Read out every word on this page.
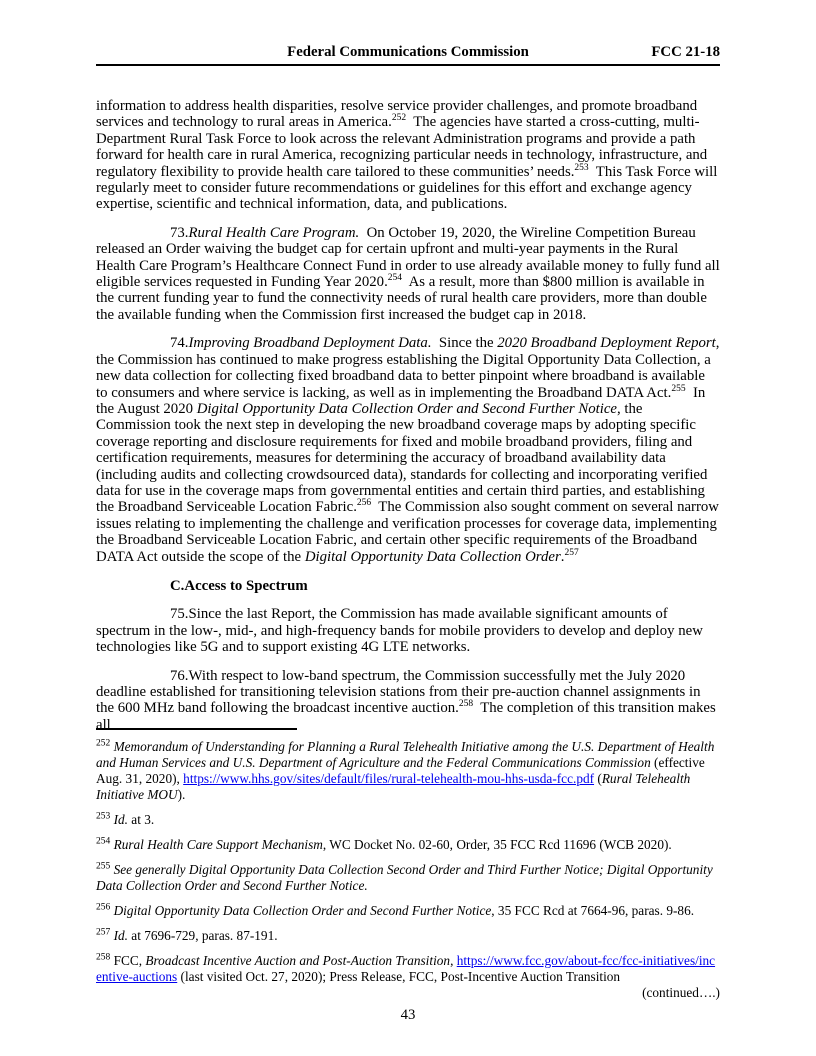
Federal Communications Commission	FCC 21-18

information to address health disparities, resolve service provider challenges, and promote broadband services and technology to rural areas in America.$^{252}$  The agencies have started a cross-cutting, multi-Department Rural Task Force to look across the relevant Administration programs and provide a path forward for health care in rural America, recognizing particular needs in technology, infrastructure, and regulatory flexibility to provide health care tailored to these communities’ needs.$^{253}$  This Task Force will regularly meet to consider future recommendations or guidelines for this effort and exchange agency expertise, scientific and technical information, data, and publications.

73.Rural Health Care Program.  On October 19, 2020, the Wireline Competition Bureau released an Order waiving the budget cap for certain upfront and multi-year payments in the Rural Health Care Program’s Healthcare Connect Fund in order to use already available money to fully fund all eligible services requested in Funding Year 2020.$^{254}$  As a result, more than $800 million is available in the current funding year to fund the connectivity needs of rural health care providers, more than double the available funding when the Commission first increased the budget cap in 2018.

74.Improving Broadband Deployment Data.  Since the 2020 Broadband Deployment Report, the Commission has continued to make progress establishing the Digital Opportunity Data Collection, a new data collection for collecting fixed broadband data to better pinpoint where broadband is available to consumers and where service is lacking, as well as in implementing the Broadband DATA Act.$^{255}$  In the August 2020 Digital Opportunity Data Collection Order and Second Further Notice, the Commission took the next step in developing the new broadband coverage maps by adopting specific coverage reporting and disclosure requirements for fixed and mobile broadband providers, filing and certification requirements, measures for determining the accuracy of broadband availability data (including audits and collecting crowdsourced data), standards for collecting and incorporating verified data for use in the coverage maps from governmental entities and certain third parties, and establishing the Broadband Serviceable Location Fabric.$^{256}$  The Commission also sought comment on several narrow issues relating to implementing the challenge and verification processes for coverage data, implementing the Broadband Serviceable Location Fabric, and certain other specific requirements of the Broadband DATA Act outside the scope of the Digital Opportunity Data Collection Order.$^{257}$

C.Access to Spectrum

75.Since the last Report, the Commission has made available significant amounts of spectrum in the low-, mid-, and high-frequency bands for mobile providers to develop and deploy new technologies like 5G and to support existing 4G LTE networks.

76.With respect to low-band spectrum, the Commission successfully met the July 2020 deadline established for transitioning television stations from their pre-auction channel assignments in the 600 MHz band following the broadcast incentive auction.$^{258}$  The completion of this transition makes all

$^{252}$ Memorandum of Understanding for Planning a Rural Telehealth Initiative among the U.S. Department of Health and Human Services and U.S. Department of Agriculture and the Federal Communications Commission (effective Aug. 31, 2020), https://www.hhs.gov/sites/default/files/rural-telehealth-mou-hhs-usda-fcc.pdf (Rural Telehealth Initiative MOU).
$^{253}$ Id. at 3.
$^{254}$ Rural Health Care Support Mechanism, WC Docket No. 02-60, Order, 35 FCC Rcd 11696 (WCB 2020).
$^{255}$ See generally Digital Opportunity Data Collection Second Order and Third Further Notice; Digital Opportunity Data Collection Order and Second Further Notice.
$^{256}$ Digital Opportunity Data Collection Order and Second Further Notice, 35 FCC Rcd at 7664-96, paras. 9-86.
$^{257}$ Id. at 7696-729, paras. 87-191.
$^{258}$ FCC, Broadcast Incentive Auction and Post-Auction Transition, https://www.fcc.gov/about-fcc/fcc-initiatives/incentive-auctions (last visited Oct. 27, 2020); Press Release, FCC, Post-Incentive Auction Transition
(continued….)
43
